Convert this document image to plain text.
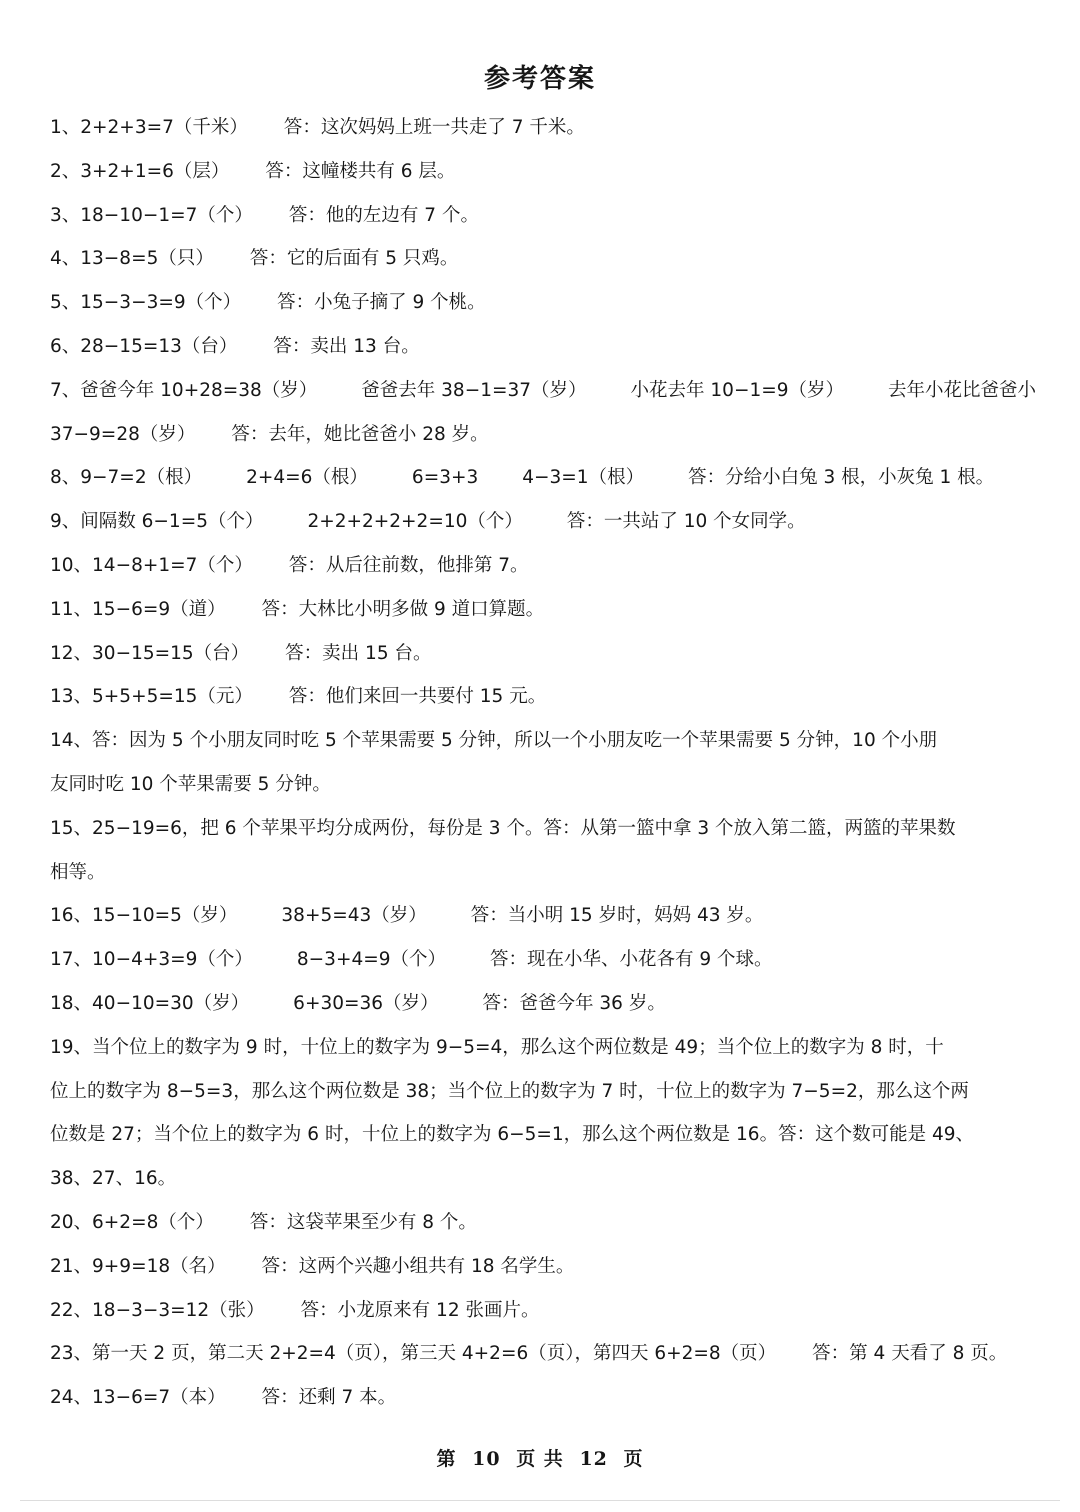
参考答案
1、2+2+3=7（千米） 答：这次妈妈上班一共走了 7 千米。
2、3+2+1=6（层） 答：这幢楼共有 6 层。
3、18−10−1=7（个） 答：他的左边有 7 个。
4、13−8=5（只） 答：它的后面有 5 只鸡。
5、15−3−3=9（个） 答：小兔子摘了 9 个桃。
6、28−15=13（台） 答：卖出 13 台。
7、爸爸今年 10+28=38（岁） 爸爸去年 38−1=37（岁） 小花去年 10−1=9（岁） 去年小花比爸爸小
37−9=28（岁） 答：去年，她比爸爸小 28 岁。
8、9−7=2（根） 2+4=6（根） 6=3+3 4−3=1（根） 答：分给小白兔 3 根，小灰兔 1 根。
9、间隔数 6−1=5（个） 2+2+2+2+2=10（个） 答：一共站了 10 个女同学。
10、14−8+1=7（个） 答：从后往前数，他排第 7。
11、15−6=9（道） 答：大林比小明多做 9 道口算题。
12、30−15=15（台） 答：卖出 15 台。
13、5+5+5=15（元） 答：他们来回一共要付 15 元。
14、答：因为 5 个小朋友同时吃 5 个苹果需要 5 分钟，所以一个小朋友吃一个苹果需要 5 分钟，10 个小朋
友同时吃 10 个苹果需要 5 分钟。
15、25−19=6，把 6 个苹果平均分成两份，每份是 3 个。答：从第一篮中拿 3 个放入第二篮，两篮的苹果数
相等。
16、15−10=5（岁） 38+5=43（岁） 答：当小明 15 岁时，妈妈 43 岁。
17、10−4+3=9（个） 8−3+4=9（个） 答：现在小华、小花各有 9 个球。
18、40−10=30（岁） 6+30=36（岁） 答：爸爸今年 36 岁。
19、当个位上的数字为 9 时，十位上的数字为 9−5=4，那么这个两位数是 49；当个位上的数字为 8 时，十
位上的数字为 8−5=3，那么这个两位数是 38；当个位上的数字为 7 时，十位上的数字为 7−5=2，那么这个两
位数是 27；当个位上的数字为 6 时，十位上的数字为 6−5=1，那么这个两位数是 16。答：这个数可能是 49、
38、27、16。
20、6+2=8（个） 答：这袋苹果至少有 8 个。
21、9+9=18（名） 答：这两个兴趣小组共有 18 名学生。
22、18−3−3=12（张） 答：小龙原来有 12 张画片。
23、第一天 2 页，第二天 2+2=4（页），第三天 4+2=6（页），第四天 6+2=8（页） 答：第 4 天看了 8 页。
24、13−6=7（本） 答：还剩 7 本。
第 10 页 共 12 页
